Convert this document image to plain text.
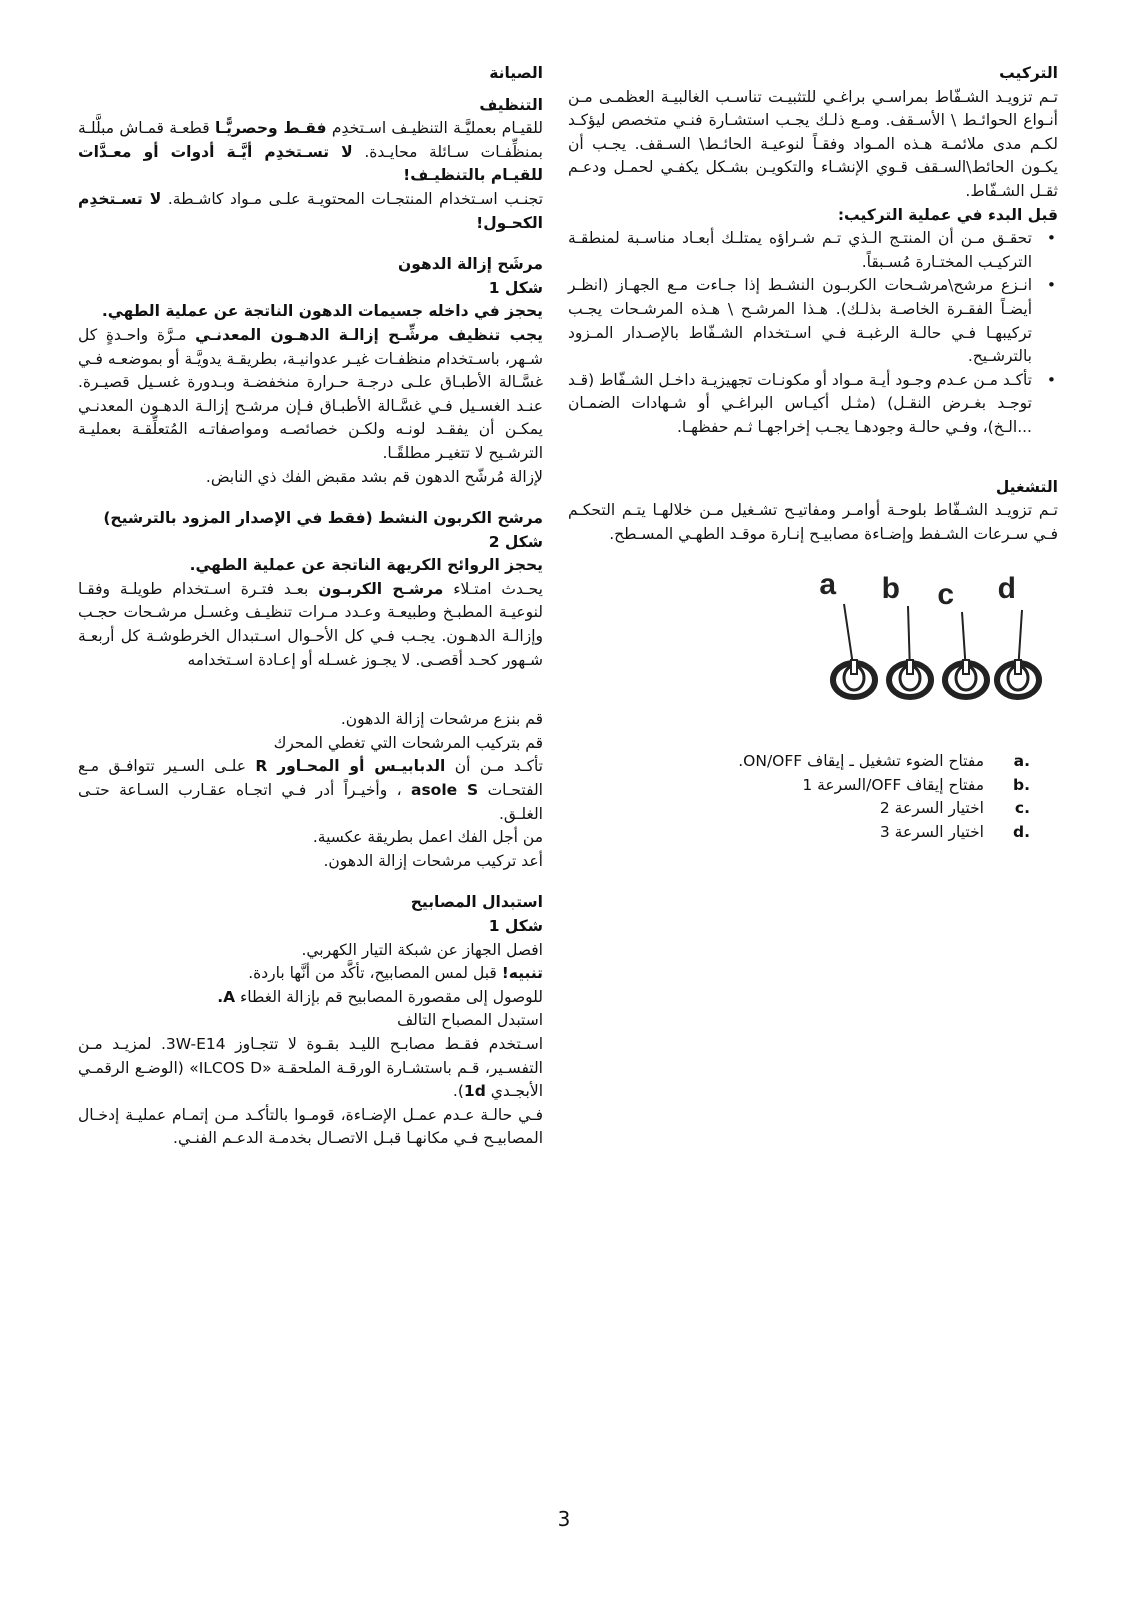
التركيب

تـم تزويـد الشـفّاط بمراسـي براغـي للتثبيـت تناسـب الغالبيـة العظمـى مـن أنـواع الحوائـط \ الأسـقف. ومـع ذلـك يجـب استشـارة فنـي متخصص ليؤكـد لكـم مدى ملائمـة هـذه المـواد وفقـاً لنوعيـة الحائـط\ السـقف. يجـب أن يكـون الحائط\السـقف قـوي الإنشـاء والتكويـن بشـكل يكفـي لحمـل ودعـم ثقـل الشـفّاط.

قبل البدء في عملية التركيب:

• تحقـق مـن أن المنتـج الـذي تـم شـراؤه يمتلـك أبعـاد مناسـبة لمنطقـة التركيـب المختـارة مُسـبقاً.
• انـزع مرشح\مرشـحات الكربـون النشـط إذا جـاءت مـع الجهـاز (انظـر أيضـاً الفقـرة الخاصـة بذلـك). هـذا المرشـح \ هـذه المرشـحات يجـب تركيبهـا فـي حالـة الرغبـة فـي اسـتخدام الشـفّاط بالإصـدار المـزود بالترشـيح.
• تأكـد مـن عـدم وجـود أيـة مـواد أو مكونـات تجهيزيـة داخـل الشـفّاط (قـد توجـد بغـرض النقـل) (مثـل أكيـاس البراغـي أو شـهادات الضمـان ...الـخ)، وفـي حالـة وجودهـا يجـب إخراجهـا ثـم حفظهـا.

التشغيل

تـم تزويـد الشـفّاط بلوحـة أوامـر ومفاتيـح تشـغيل مـن خلالهـا يتـم التحكـم فـي سـرعات الشـفط وإضـاءة مصابيـح إنـارة موقـد الطهـي المسـطح.

a b c d
a.
مفتاح الضوء تشغيل ـ إيقاف ON/OFF.
b.
مفتاح إيقاف OFF/السرعة 1
c.
اختيار السرعة 2
d.
اختيار السرعة 3

الصيانة

التنظيف

للقيـام بعمليَّـة التنظيـف اسـتخدِم فقـط وحصريًّـا قطعـة قمـاش مبلَّلـة بمنظِّفـات سـائلة محايـدة. لا تسـتخدِم أيَّـة أدوات أو معـدَّات للقيـام بالتنظيـف!

تجنـب اسـتخدام المنتجـات المحتويـة علـى مـواد كاشـطة. لا تسـتخدِم الكحـول!

مرشَح إزالة الدهون

شكل 1

يحجز في داخله جسيمات الدهون الناتجة عن عملية الطهي.

يجب تنظيف مرشِّـح إزالـة الدهـون المعدنـي مـرَّة واحـدةٍ كل شـهر، باسـتخدام منظفـات غيـر عدوانيـة، بطريقـة يدويَّـة أو بموضعـه فـي غسَّـالة الأطبـاق علـى درجـة حـرارة منخفضـة وبـدورة غسـيل قصيـرة. عنـد الغسـيل فـي غسَّـالة الأطبـاق فـإن مرشـح إزالـة الدهـون المعدنـي يمكـن أن يفقـد لونـه ولكـن خصائصـه ومواصفاتـه المُتعلِّقـة بعمليـة الترشـيح لا تتغيـر مطلقًـا.

لإزالة مُرشّح الدهون قم بشد مقبض الفك ذي النابض.

مرشح الكربون النشط (فقط في الإصدار المزود بالترشيح)

شكل 2

يحجز الروائح الكريهة الناتجة عن عملية الطهي.

يحـدث امتـلاء مرشـح الكربـون بعـد فتـرة اسـتخدام طويلـة وفقـا لنوعيـة المطبـخ وطبيعـة وعـدد مـرات تنظيـف وغسـل مرشـحات حجـب وإزالـة الدهـون. يجـب فـي كل الأحـوال اسـتبدال الخرطوشـة كل أربعـة شـهور كحـد أقصـى. لا يجـوز غسـله أو إعـادة اسـتخدامه

قم بنزع مرشحات إزالة الدهون.

قم بتركيب المرشحات التي تغطي المحرك

تأكـد مـن أن الدبابيـس أو المحـاور R علـى السـير تتوافـق مـع الفتحـات asole S ، وأخيـراً أدر فـي اتجـاه عقـارب السـاعة حتـى الغلـق.

من أجل الفك اعمل بطريقة عكسية.

أعد تركيب مرشحات إزالة الدهون.

استبدال المصابيح

شكل 1

افصل الجهاز عن شبكة التيار الكهربي.

تنبيه! قبل لمس المصابيح، تأكَّد من أنَّها باردة.

للوصول إلى مقصورة المصابيح قم بإزالة الغطاء A.

استبدل المصباح التالف

اسـتخدم فقـط مصابـح الليـد بقـوة لا تتجـاوز 3W-E14. لمزيـد مـن التفسـير، قـم باستشـارة الورقـة الملحقـة «ILCOS D» (الوضـع الرقمـي الأبجـدي 1d).

فـي حالـة عـدم عمـل الإضـاءة، قومـوا بالتأكـد مـن إتمـام عمليـة إدخـال المصابيـح فـي مكانهـا قبـل الاتصـال بخدمـة الدعـم الفنـي.

3
